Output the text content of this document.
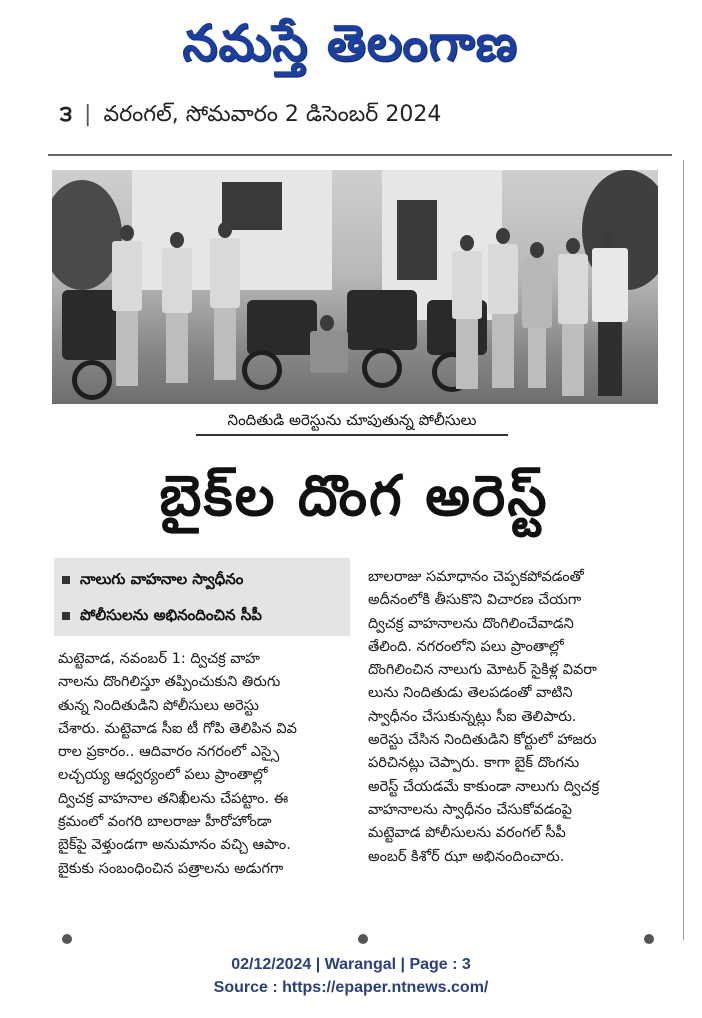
నమస్తే తెలంగాణ
౩ | వరంగల్, సోమవారం 2 డిసెంబర్ 2024
నిందితుడి అరెస్టును చూపుతున్న పోలీసులు
బైక్‌ల దొంగ అరెస్ట్
నాలుగు వాహనాల స్వాధీనం
పోలీసులను అభినందించిన సీపీ
మట్టెవాడ, నవంబర్ 1: ద్విచక్ర వాహ
నాలను దొంగిలిస్తూ తప్పించుకుని తిరుగు
తున్న నిందితుడిని పోలీసులు అరెస్టు
చేశారు. మట్టెవాడ సీఐ టీ గోపి తెలిపిన వివ
రాల ప్రకారం.. ఆదివారం నగరంలో ఎస్సై
లచ్చయ్య ఆధ్వర్యంలో పలు ప్రాంతాల్లో
ద్విచక్ర వాహనాల తనిఖీలను చేపట్టాం. ఈ
క్రమంలో వంగరి బాలరాజు హీరోహోండా
బైక్‌పై వెళ్తుండగా అనుమానం వచ్చి ఆపాం.
బైకుకు సంబంధించిన పత్రాలను అడుగగా
బాలరాజు సమాధానం చెప్పకపోవడంతో
అదీనంలోకి తీసుకొని విచారణ చేయగా
ద్విచక్ర వాహనాలను దొంగిలించేవాడని
తేలింది. నగరంలోని పలు ప్రాంతాల్లో
దొంగిలించిన నాలుగు మోటర్ సైకిళ్ల వివరా
లును నిందితుడు తెలపడంతో వాటిని
స్వాధీనం చేసుకున్నట్లు సీఐ తెలిపారు.
అరెస్టు చేసిన నిందితుడిని కోర్టులో హాజరు
పరిచినట్లు చెప్పారు. కాగా బైక్ దొంగను
అరెస్ట్ చేయడమే కాకుండా నాలుగు ద్విచక్ర
వాహనాలను స్వాధీనం చేసుకోవడంపై
మట్టెవాడ పోలీసులను వరంగల్ సీపీ
అంబర్ కిశోర్ ఝా అభినందించారు.
02/12/2024 | Warangal | Page : 3
Source : https://epaper.ntnews.com/
